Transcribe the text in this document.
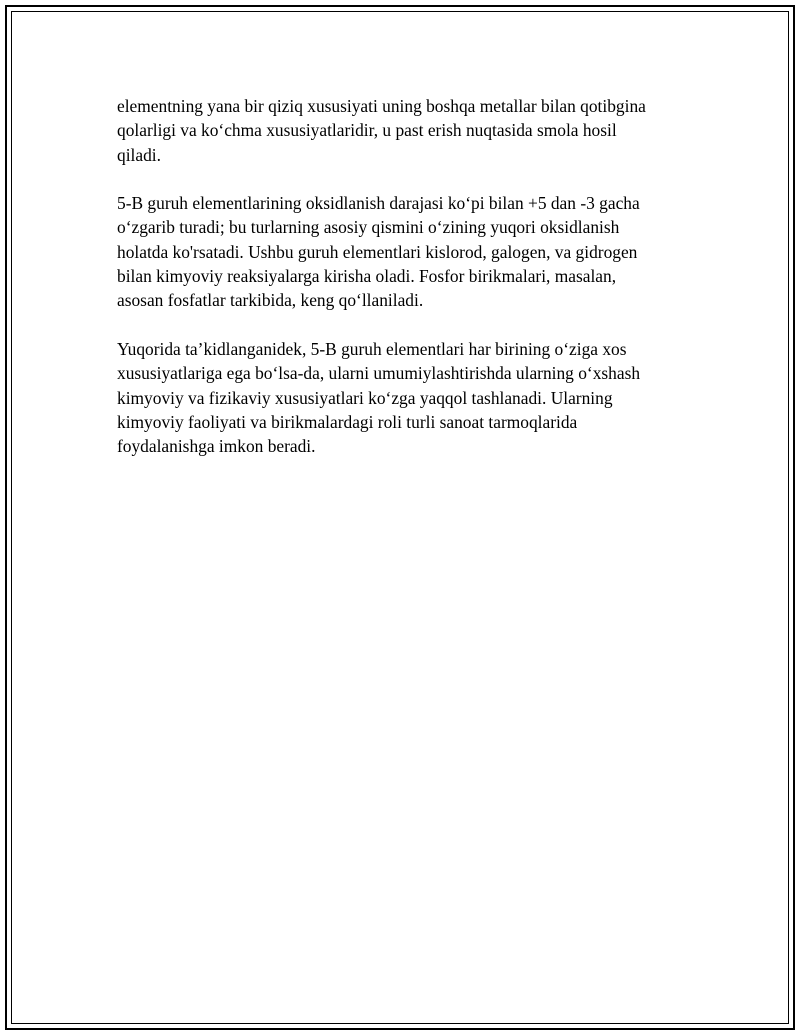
elementning yana bir qiziq xususiyati uning boshqa metallar bilan qotibgina
qolarligi va ko‘chma xususiyatlaridir, u past erish nuqtasida smola hosil
qiladi.

5-B guruh elementlarining oksidlanish darajasi ko‘pi bilan +5 dan -3 gacha
o‘zgarib turadi; bu turlarning asosiy qismini o‘zining yuqori oksidlanish
holatda ko'rsatadi. Ushbu guruh elementlari kislorod, galogen, va gidrogen
bilan kimyoviy reaksiyalarga kirisha oladi. Fosfor birikmalari, masalan,
asosan fosfatlar tarkibida, keng qo‘llaniladi.

Yuqorida ta’kidlanganidek, 5-B guruh elementlari har birining o‘ziga xos
xususiyatlariga ega bo‘lsa-da, ularni umumiylashtirishda ularning o‘xshash
kimyoviy va fizikaviy xususiyatlari ko‘zga yaqqol tashlanadi. Ularning
kimyoviy faoliyati va birikmalardagi roli turli sanoat tarmoqlarida
foydalanishga imkon beradi.
